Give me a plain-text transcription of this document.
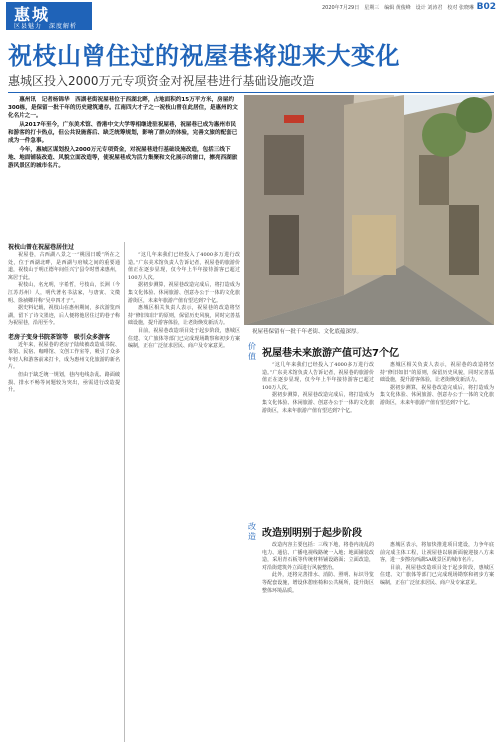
惠城
区县魅力　深度解析
2020年7月29日　星期三　编辑 黄俊峰　设计 刘涛君　校对 张晓琳 B02
祝枝山曾住过的祝屋巷将迎来大变化
惠城区投入2000万元专项资金对祝屋巷进行基础设施改造

惠州讯　记者杨锦华　西湖老街祝屋巷位于西湖北畔，占地面积约15万平方米，房屋约300栋，是保留一批千年的历史建筑遗存。江南四大才子之一祝枝山曾在此居住，是惠州的文化名片之一。

从2017年至今，广东美术馆、香港中文大学等相继进驻祝屋巷，祝屋巷已成为惠州市民和游客的打卡热点，但公共设施落后、缺乏统筹规划，影响了群众的体验，完善文旅的配套已成为一件急事。

今年，惠城区谋划投入2000万元专项资金，对祝屋巷进行基础设施改造，包括三线下地、地面铺装改造、风貌立面改造等，使祝屋巷成为活力集聚和文化展示的窗口，擦亮西湖旅游风景区的城市名片。

祝屋巷保留有一批千年老街、文化底蕴深厚。
祝枝山曾在祝屋巷居住过

祝屋巷，古西湖八景之一“桃园日暖”所在之处，位于西湖北畔，是西湖与府城之间的重要通道，祝枝山于明正德年间任兴宁县令时曾来惠州，寓居于此。

祝枝山，名允明，字希哲，号枝山，长洲（今江苏苏州）人，明代著名书法家，与唐寅、文徵明、徐祯卿并称“吴中四才子”。

据史料记载，祝枝山在惠州期间，多次游览西湖，留下了诗文墨迹，后人便将他居住过的巷子称为祝屋巷，沿用至今。

老房子变身书院茶馆等　吸引众多游客

近年来，祝屋巷的老房子陆续被改造成书院、茶馆、民宿、咖啡馆、文创工作室等，吸引了众多年轻人和游客前来打卡，成为惠州文化旅游的新名片。

但由于缺乏统一规划，巷内电线杂乱、路面破损、排水不畅等问题较为突出，亟需进行改造提升。

“这几年来我们已经投入了4000多万进行改造。”广东美术馆负责人告诉记者，祝屋巷的旅游价值正在逐步显现，仅今年上半年接待游客已超过100万人次。

据初步测算，祝屋巷改造完成后，将打造成为集文化体验、休闲旅游、创意办公于一体的文化旅游街区，未来年旅游产值有望达到7个亿。

惠城区相关负责人表示，祝屋巷的改造将坚持“修旧如旧”的原则，保留历史风貌，同时完善基础设施，提升游客体验，让老街焕发新活力。

目前，祝屋巷改造项目处于起步阶段，惠城区住建、文广旅体等部门已完成现场勘察和初步方案编制，正在广泛征求居民、商户及专家意见。	价值 祝屋巷未来旅游产值可达7个亿

“这几年来我们已经投入了4000多万进行改造。”广东美术馆负责人告诉记者，祝屋巷的旅游价值正在逐步显现，仅今年上半年接待游客已超过100万人次。

据初步测算，祝屋巷改造完成后，将打造成为集文化体验、休闲旅游、创意办公于一体的文化旅游街区，未来年旅游产值有望达到7个亿。

惠城区相关负责人表示，祝屋巷的改造将坚持“修旧如旧”的原则，保留历史风貌，同时完善基础设施，提升游客体验，让老街焕发新活力。

据初步测算，祝屋巷改造完成后，将打造成为集文化体验、休闲旅游、创意办公于一体的文化旅游街区，未来年旅游产值有望达到7个亿。

改造 改造别明别于起步阶段

改造内容主要包括：三线下地，将巷内凌乱的电力、通信、广播电视线路统一入地；地面铺装改造，采用青石板等传统材料铺设路面；立面改造，对沿街建筑外立面进行风貌整治。

此外，还将完善排水、消防、照明、标识导览等配套设施，增设休憩座椅和公共厕所，提升街区整体环境品质。

惠城区表示，将加快推进项目建设，力争年底前完成主体工程，让祝屋巷以崭新面貌迎接八方来客，进一步擦亮西湖5A级景区的城市名片。

目前，祝屋巷改造项目处于起步阶段，惠城区住建、文广旅体等部门已完成现场勘察和初步方案编制，正在广泛征求居民、商户及专家意见。
